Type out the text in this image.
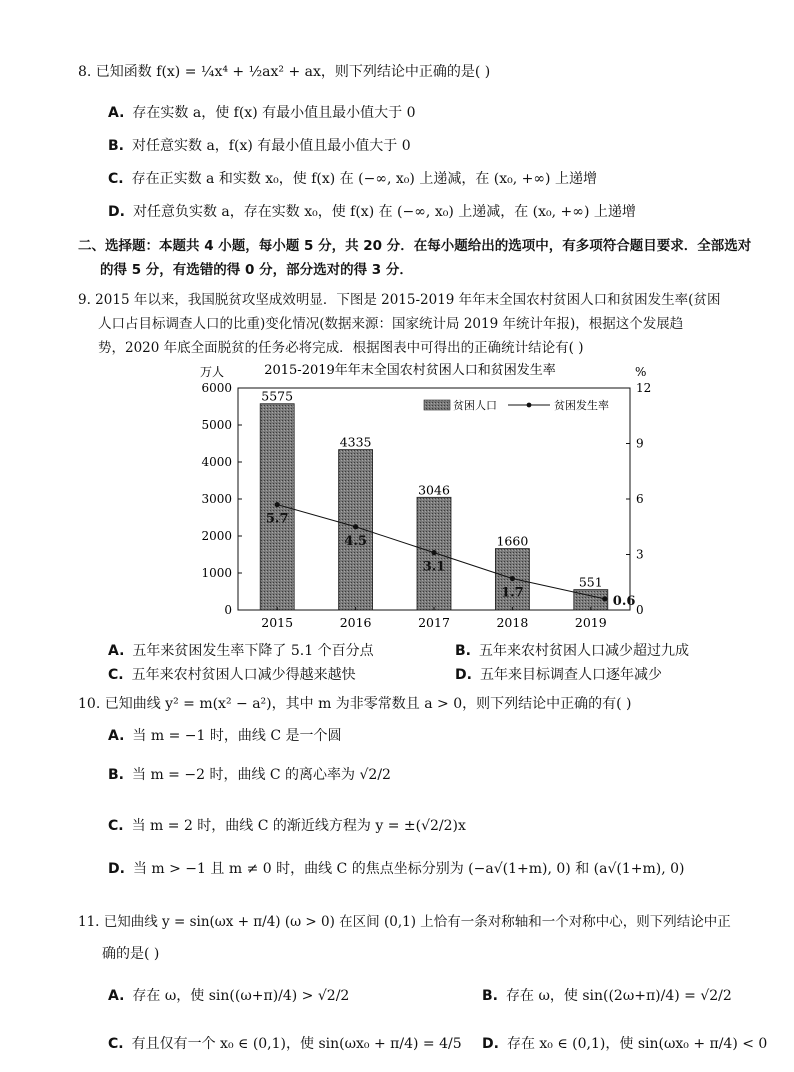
8. 已知函数 f(x) = ¼x⁴ + ½ax² + ax，则下列结论中正确的是( )
A. 存在实数 a，使 f(x) 有最小值且最小值大于 0
B. 对任意实数 a，f(x) 有最小值且最小值大于 0
C. 存在正实数 a 和实数 x₀，使 f(x) 在 (−∞, x₀) 上递减，在 (x₀, +∞) 上递增
D. 对任意负实数 a，存在实数 x₀，使 f(x) 在 (−∞, x₀) 上递减，在 (x₀, +∞) 上递增
二、选择题：本题共 4 小题，每小题 5 分，共 20 分．在每小题给出的选项中，有多项符合题目要求．全部选对
的得 5 分，有选错的得 0 分，部分选对的得 3 分．
9. 2015 年以来，我国脱贫攻坚成效明显．下图是 2015-2019 年年末全国农村贫困人口和贫困发生率(贫困
人口占目标调查人口的比重)变化情况(数据来源：国家统计局 2019 年统计年报)，根据这个发展趋
势，2020 年底全面脱贫的任务必将完成．根据图表中可得出的正确统计结论有( )
2015-2019年年末全国农村贫困人口和贫困发生率
万人	%
0
1000
2000
3000
4000
5000
6000
0
3
6
9
12
5575
4335
3046
1660
551
2015	2016	2017	2018	2019
5.7
4.5
3.1
1.7
0.6
贫困人口	贫困发生率
A. 五年来贫困发生率下降了 5.1 个百分点	B. 五年来农村贫困人口减少超过九成
C. 五年来农村贫困人口减少得越来越快	D. 五年来目标调查人口逐年减少
10. 已知曲线 y² = m(x² − a²)，其中 m 为非零常数且 a > 0，则下列结论中正确的有( )
A. 当 m = −1 时，曲线 C 是一个圆
B. 当 m = −2 时，曲线 C 的离心率为 √2/2
C. 当 m = 2 时，曲线 C 的渐近线方程为 y = ±(√2/2)x
D. 当 m > −1 且 m ≠ 0 时，曲线 C 的焦点坐标分别为 (−a√(1+m), 0) 和 (a√(1+m), 0)
11. 已知曲线 y = sin(ωx + π/4) (ω > 0) 在区间 (0,1) 上恰有一条对称轴和一个对称中心，则下列结论中正
确的是( )
A. 存在 ω，使 sin((ω+π)/4) > √2/2	B. 存在 ω，使 sin((2ω+π)/4) = √2/2
C. 有且仅有一个 x₀ ∈ (0,1)，使 sin(ωx₀ + π/4) = 4/5 D. 存在 x₀ ∈ (0,1)，使 sin(ωx₀ + π/4) < 0
